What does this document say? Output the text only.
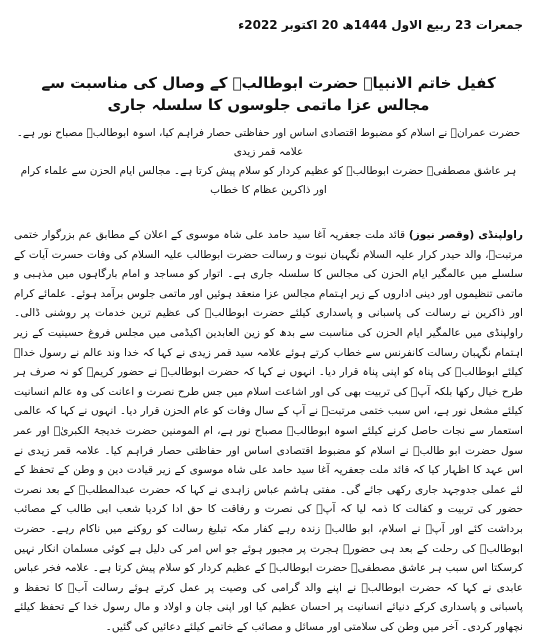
جمعرات 23 ربیع الاول 1444ھ 20 اکتوبر 2022ء
کفیل خاتم الانبیاؐ حضرت ابوطالبؑ کے وصال کی مناسبت سے مجالس عزا ماتمی جلوسوں کا سلسلہ جاری
حضرت عمرانؑ نے اسلام کو مضبوط اقتصادی اساس اور حفاظتی حصار فراہم کیا، اسوہ ابوطالبؑ مصباح نور ہے۔ علامہ قمر زیدی
ہر عاشق مصطفیؐ حضرت ابوطالبؑ کو عظیم کردار کو سلام پیش کرتا ہے۔ مجالس ایام الحزن سے علماء کرام اور ذاکرین عظام کا خطاب

راولپنڈی (وقصر نیوز) قائد ملت جعفریہ آغا سید حامد علی شاہ موسوی کے اعلان کے مطابق عم بزرگوار ختمی مرتبتؐ، والد حیدر کرار علیہ السلام نگہبان نبوت و رسالت حضرت ابوطالب علیہ السلام کی وفات حسرت آیات کے سلسلے میں عالمگیر ایام الحزن کی مجالس کا سلسلہ جاری ہے۔ اتوار کو مساجد و امام بارگاہوں میں مذہبی و ماتمی تنظیموں اور دینی اداروں کے زیر اہتمام مجالس عزا منعقد ہوئیں اور ماتمی جلوس برآمد ہوئے۔ علمائے کرام اور ذاکرین نے رسالت کی پاسبانی و پاسداری کیلئے حضرت ابوطالبؑ کی عظیم ترین خدمات پر روشنی ڈالی۔ راولپنڈی میں عالمگیر ایام الحزن کی مناسبت سے بدھ کو زین العابدین اکیڈمی میں مجلس فروغ حسینیت کے زیر اہتمام نگہبان رسالت کانفرنس سے خطاب کرتے ہوئے علامہ سید قمر زیدی نے کہا کہ خدا وند عالم نے رسول خداؐ کیلئے ابوطالبؑ کی پناہ کو اپنی پناہ قرار دیا۔ انہوں نے کہا کہ حضرت ابوطالبؑ نے حضور کریمؐ کو نہ صرف ہر طرح خیال رکھا بلکہ آپؐ کی تربیت بھی کی اور اشاعت اسلام میں جس طرح نصرت و اعانت کی وہ عالم انسانیت کیلئے مشعل نور ہے، اس سبب ختمی مرتبتؐ نے آپ کے سال وفات کو عام الحزن قرار دیا۔ انہوں نے کہا کہ عالمی استعمار سے نجات حاصل کرنے کیلئے اسوہ ابوطالبؑ مصباح نور ہے، ام المومنین حضرت خدیجۃ الکبریٰؑ اور عمر سول حضرت ابو طالبؑ نے اسلام کو مضبوط اقتصادی اساس اور حفاظتی حصار فراہم کیا۔ علامہ قمر زیدی نے اس عہد کا اظہار کیا کہ قائد ملت جعفریہ آغا سید حامد علی شاہ موسوی کے زیر قیادت دین و وطن کے تحفظ کے لئے عملی جدوجہد جاری رکھی جائے گی۔ مفتی ہاشم عباس زاہدی نے کہا کہ حضرت عبدالمطلبؑ کے بعد نصرت حضور کی تربیت و کفالت کا ذمہ لیا کہ آپؐ کی نصرت و رفاقت کا حق ادا کردیا شعب ابی طالب کے مصائب برداشت کئے اور آپؐ نے اسلام، ابو طالبؑ زندہ رہے کفار مکہ تبلیغ رسالت کو روکنے میں ناکام رہے۔ حضرت ابوطالبؑ کی رحلت کے بعد ہی حضورؐ ہجرت پر مجبور ہوئے جو اس امر کی دلیل ہے کوئی مسلمان انکار نہیں کرسکتا اس سبب ہر عاشق مصطفیؐ حضرت ابوطالبؑ کے عظیم کردار کو سلام پیش کرتا ہے۔ علامہ فخر عباس عابدی نے کہا کہ حضرت ابوطالبؑ نے اپنے والد گرامی کی وصیت پر عمل کرتے ہوئے رسالت آبؐ کا تحفظ و پاسبانی و پاسداری کرکے دنیائے انسانیت پر احسان عظیم کیا اور اپنی جان و اولاد و مال رسول خدا کے تحفظ کیلئے نچھاور کردی۔ آخر میں وطن کی سلامتی اور مسائل و مصائب کے خاتمے کیلئے دعائیں کی گئیں۔
